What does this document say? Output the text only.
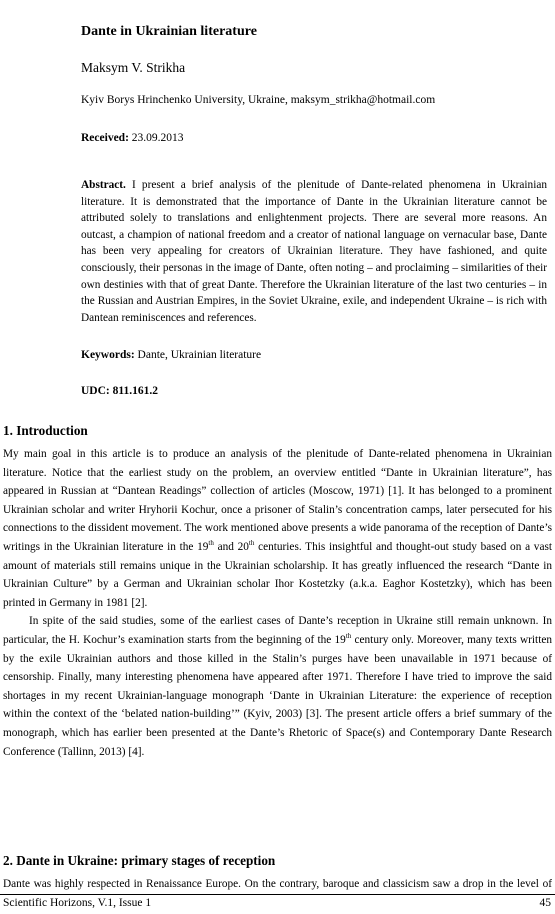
Dante in Ukrainian literature
Maksym V. Strikha
Kyiv Borys Hrinchenko University, Ukraine, maksym_strikha@hotmail.com
Received: 23.09.2013
Abstract. I present a brief analysis of the plenitude of Dante-related phenomena in Ukrainian literature. It is demonstrated that the importance of Dante in the Ukrainian literature cannot be attributed solely to translations and enlightenment projects. There are several more reasons. An outcast, a champion of national freedom and a creator of national language on vernacular base, Dante has been very appealing for creators of Ukrainian literature. They have fashioned, and quite consciously, their personas in the image of Dante, often noting – and proclaiming – similarities of their own destinies with that of great Dante. Therefore the Ukrainian literature of the last two centuries – in the Russian and Austrian Empires, in the Soviet Ukraine, exile, and independent Ukraine – is rich with Dantean reminiscences and references.
Keywords: Dante, Ukrainian literature
UDC: 811.161.2
1. Introduction

My main goal in this article is to produce an analysis of the plenitude of Dante-related phenomena in Ukrainian literature. Notice that the earliest study on the problem, an overview entitled “Dante in Ukrainian literature”, has appeared in Russian at “Dantean Readings” collection of articles (Moscow, 1971) [1]. It has belonged to a prominent Ukrainian scholar and writer Hryhorii Kochur, once a prisoner of Stalin’s concentration camps, later persecuted for his connections to the dissident movement. The work mentioned above presents a wide panorama of the reception of Dante’s writings in the Ukrainian literature in the 19th and 20th centuries. This insightful and thought-out study based on a vast amount of materials still remains unique in the Ukrainian scholarship. It has greatly influenced the research “Dante in Ukrainian Culture” by a German and Ukrainian scholar Ihor Kostetzky (a.k.a. Eaghor Kostetzky), which has been printed in Germany in 1981 [2].

In spite of the said studies, some of the earliest cases of Dante’s reception in Ukraine still remain unknown. In particular, the H. Kochur’s examination starts from the beginning of the 19th century only. Moreover, many texts written by the exile Ukrainian authors and those killed in the Stalin’s purges have been unavailable in 1971 because of censorship. Finally, many interesting phenomena have appeared after 1971. Therefore I have tried to improve the said shortages in my recent Ukrainian-language monograph ‘Dante in Ukrainian Literature: the experience of reception within the context of the ‘belated nation-building’” (Kyiv, 2003) [3]. The present article offers a brief summary of the monograph, which has earlier been presented at the Dante’s Rhetoric of Space(s) and Contemporary Dante Research Conference (Tallinn, 2013) [4].

2. Dante in Ukraine: primary stages of reception
Dante was highly respected in Renaissance Europe. On the contrary, baroque and classicism saw a drop in the level of
Scientific Horizons, V.1, Issue 1	45
